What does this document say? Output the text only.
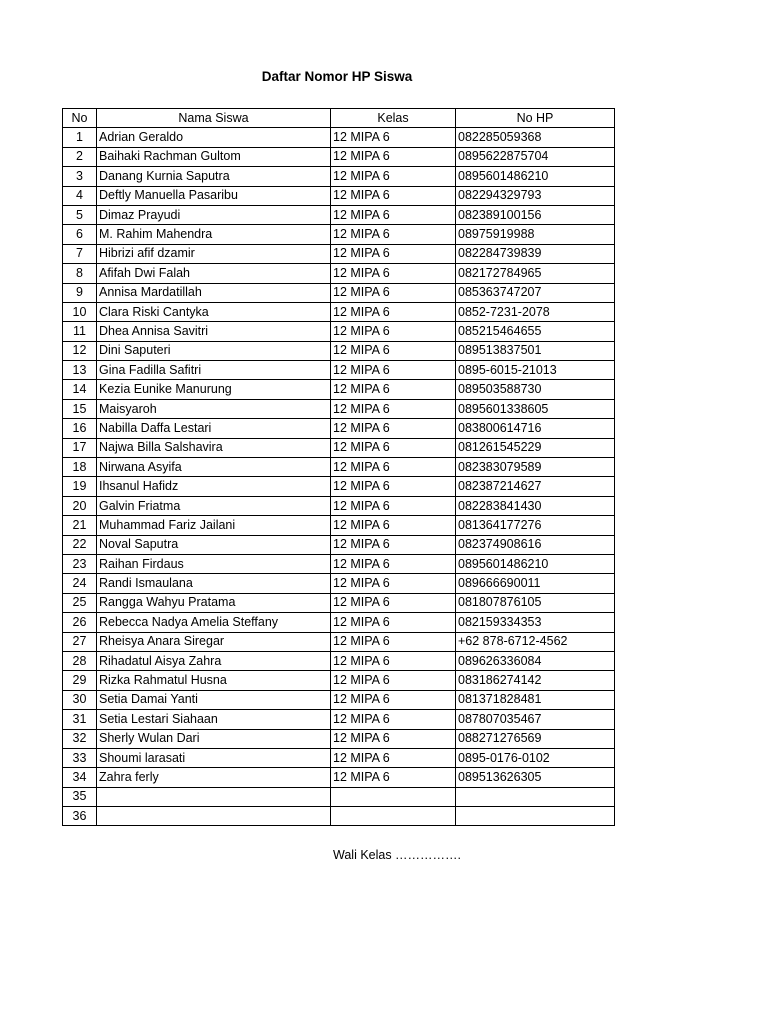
Daftar Nomor HP Siswa
No	Nama Siswa	Kelas	No HP
1	Adrian Geraldo	12 MIPA 6	082285059368
2	Baihaki Rachman Gultom	12 MIPA 6	0895622875704
3	Danang Kurnia Saputra	12 MIPA 6	0895601486210
4	Deftly Manuella Pasaribu	12 MIPA 6	082294329793
5	Dimaz Prayudi	12 MIPA 6	082389100156
6	M. Rahim Mahendra	12 MIPA 6	08975919988
7	Hibrizi afif dzamir	12 MIPA 6	082284739839
8	Afifah Dwi Falah	12 MIPA 6	082172784965
9	Annisa Mardatillah	12 MIPA 6	085363747207
10	Clara Riski Cantyka	12 MIPA 6	0852-7231-2078
11	Dhea Annisa Savitri	12 MIPA 6	085215464655
12	Dini Saputeri	12 MIPA 6	089513837501
13	Gina Fadilla Safitri	12 MIPA 6	0895-6015-21013
14	Kezia Eunike Manurung	12 MIPA 6	089503588730
15	Maisyaroh	12 MIPA 6	0895601338605
16	Nabilla Daffa Lestari	12 MIPA 6	083800614716
17	Najwa Billa Salshavira	12 MIPA 6	081261545229
18	Nirwana Asyifa	12 MIPA 6	082383079589
19	Ihsanul Hafidz	12 MIPA 6	082387214627
20	Galvin Friatma	12 MIPA 6	082283841430
21	Muhammad Fariz Jailani	12 MIPA 6	081364177276
22	Noval Saputra	12 MIPA 6	082374908616
23	Raihan Firdaus	12 MIPA 6	0895601486210
24	Randi Ismaulana	12 MIPA 6	089666690011
25	Rangga Wahyu Pratama	12 MIPA 6	081807876105
26	Rebecca Nadya Amelia Steffany	12 MIPA 6	082159334353
27	Rheisya Anara Siregar	12 MIPA 6	+62 878-6712-4562
28	Rihadatul Aisya Zahra	12 MIPA 6	089626336084
29	Rizka Rahmatul Husna	12 MIPA 6	083186274142
30	Setia Damai Yanti	12 MIPA 6	081371828481
31	Setia Lestari Siahaan	12 MIPA 6	087807035467
32	Sherly Wulan Dari	12 MIPA 6	088271276569
33	Shoumi larasati	12 MIPA 6	0895-0176-0102
34	Zahra ferly	12 MIPA 6	089513626305
35			
36			
Wali Kelas …………….
